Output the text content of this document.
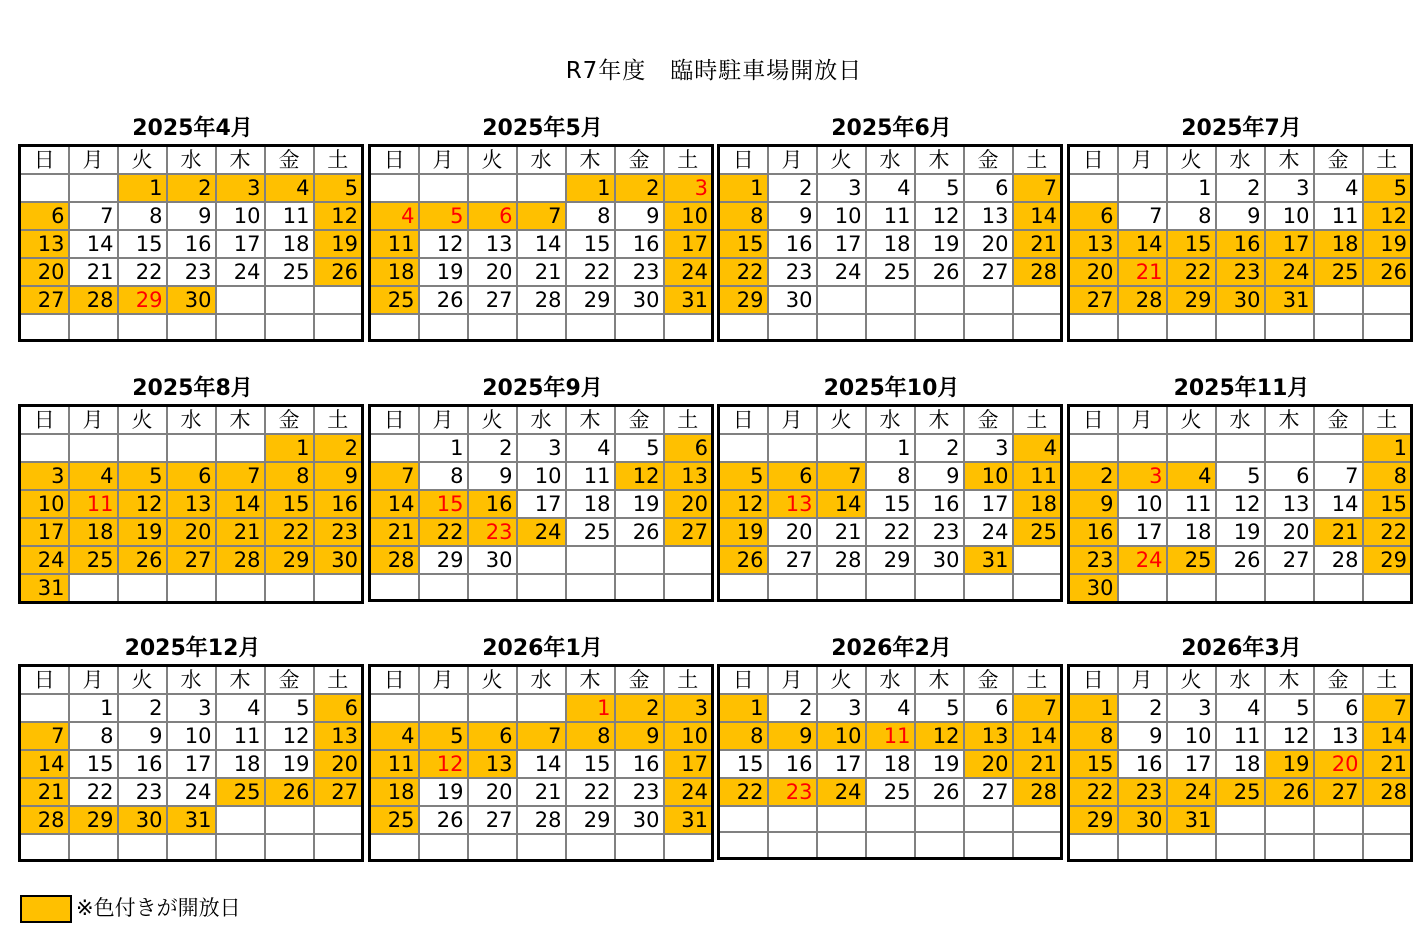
R7年度　臨時駐車場開放日
2025年4月
日	月	火	水	木	金	土
		1	2	3	4	5
6	7	8	9	10	11	12
13	14	15	16	17	18	19
20	21	22	23	24	25	26
27	28	29	30			

2025年5月
日	月	火	水	木	金	土
				1	2	3
4	5	6	7	8	9	10
11	12	13	14	15	16	17
18	19	20	21	22	23	24
25	26	27	28	29	30	31

2025年6月
日	月	火	水	木	金	土
1	2	3	4	5	6	7
8	9	10	11	12	13	14
15	16	17	18	19	20	21
22	23	24	25	26	27	28
29	30					

2025年7月
日	月	火	水	木	金	土
		1	2	3	4	5
6	7	8	9	10	11	12
13	14	15	16	17	18	19
20	21	22	23	24	25	26
27	28	29	30	31		

2025年8月
日	月	火	水	木	金	土
					1	2
3	4	5	6	7	8	9
10	11	12	13	14	15	16
17	18	19	20	21	22	23
24	25	26	27	28	29	30
31						
2025年9月
日	月	火	水	木	金	土
	1	2	3	4	5	6
7	8	9	10	11	12	13
14	15	16	17	18	19	20
21	22	23	24	25	26	27
28	29	30				

2025年10月
日	月	火	水	木	金	土
			1	2	3	4
5	6	7	8	9	10	11
12	13	14	15	16	17	18
19	20	21	22	23	24	25
26	27	28	29	30	31	

2025年11月
日	月	火	水	木	金	土
						1
2	3	4	5	6	7	8
9	10	11	12	13	14	15
16	17	18	19	20	21	22
23	24	25	26	27	28	29
30						
2025年12月
日	月	火	水	木	金	土
	1	2	3	4	5	6
7	8	9	10	11	12	13
14	15	16	17	18	19	20
21	22	23	24	25	26	27
28	29	30	31			

2026年1月
日	月	火	水	木	金	土
				1	2	3
4	5	6	7	8	9	10
11	12	13	14	15	16	17
18	19	20	21	22	23	24
25	26	27	28	29	30	31

2026年2月
日	月	火	水	木	金	土
1	2	3	4	5	6	7
8	9	10	11	12	13	14
15	16	17	18	19	20	21
22	23	24	25	26	27	28

2026年3月
日	月	火	水	木	金	土
1	2	3	4	5	6	7
8	9	10	11	12	13	14
15	16	17	18	19	20	21
22	23	24	25	26	27	28
29	30	31				

※色付きが開放日
